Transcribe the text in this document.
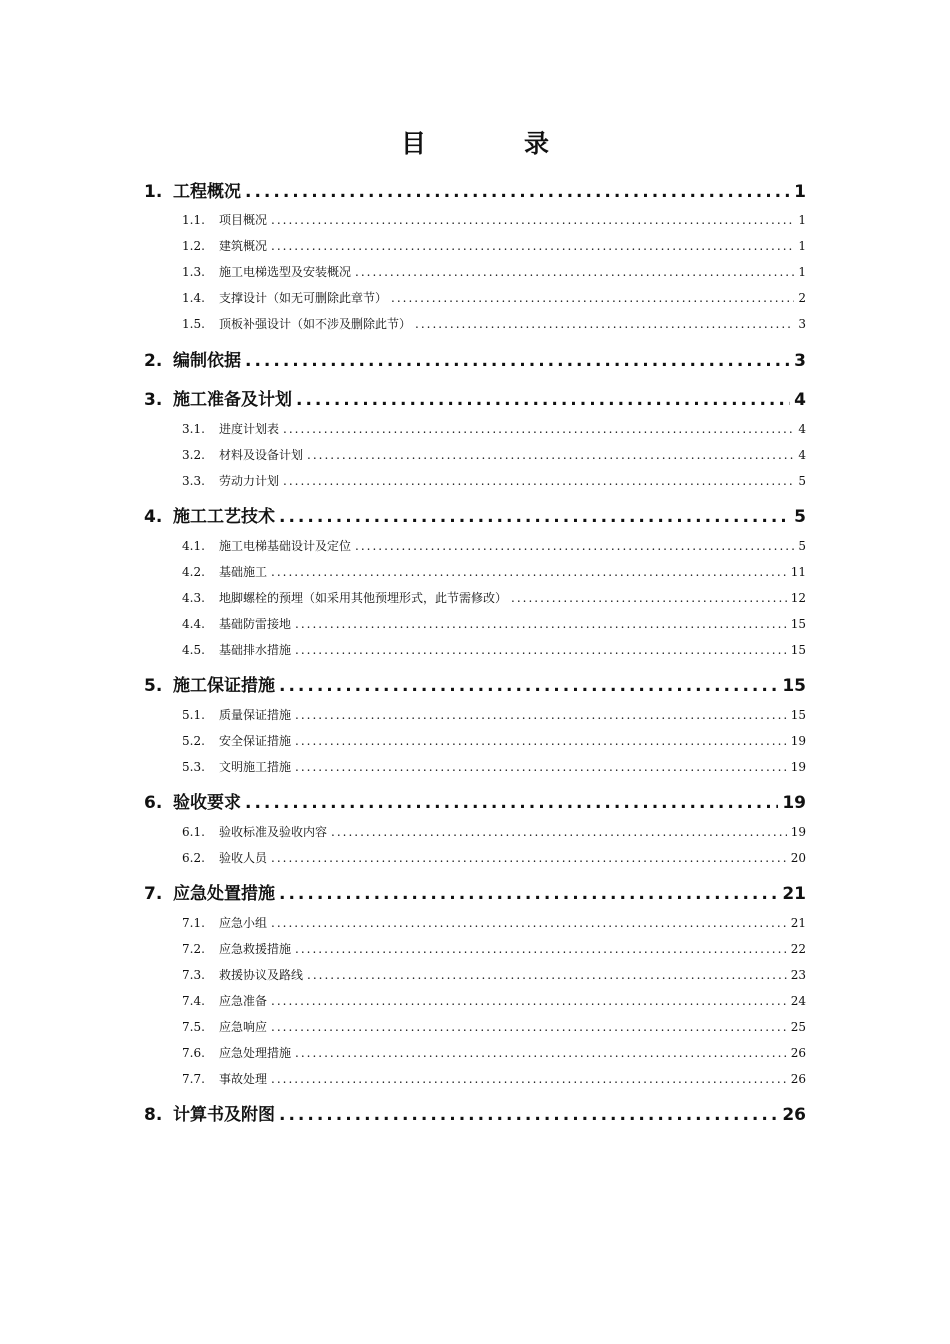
目	录
1. 工程概况 .....	1
1.1.	项目概况 .....	1
1.2.	建筑概况 .....	1
1.3.	施工电梯选型及安装概况 .....	1
1.4.	支撑设计（如无可删除此章节） .....	2
1.5.	顶板补强设计（如不涉及删除此节） .....	3
2. 编制依据 .....	3
3. 施工准备及计划 .....	4
3.1.	进度计划表 .....	4
3.2.	材料及设备计划 .....	4
3.3.	劳动力计划 .....	5
4. 施工工艺技术 .....	5
4.1.	施工电梯基础设计及定位 .....	5
4.2.	基础施工 .....	11
4.3.	地脚螺栓的预埋（如采用其他预埋形式，此节需修改） .....	12
4.4.	基础防雷接地 .....	15
4.5.	基础排水措施 .....	15
5. 施工保证措施 .....	15
5.1.	质量保证措施 .....	15
5.2.	安全保证措施 .....	19
5.3.	文明施工措施 .....	19
6. 验收要求 .....	19
6.1.	验收标准及验收内容 .....	19
6.2.	验收人员 .....	20
7. 应急处置措施 .....	21
7.1.	应急小组 .....	21
7.2.	应急救援措施 .....	22
7.3.	救援协议及路线 .....	23
7.4.	应急准备 .....	24
7.5.	应急响应 .....	25
7.6.	应急处理措施 .....	26
7.7.	事故处理 .....	26
8. 计算书及附图 .....	26
